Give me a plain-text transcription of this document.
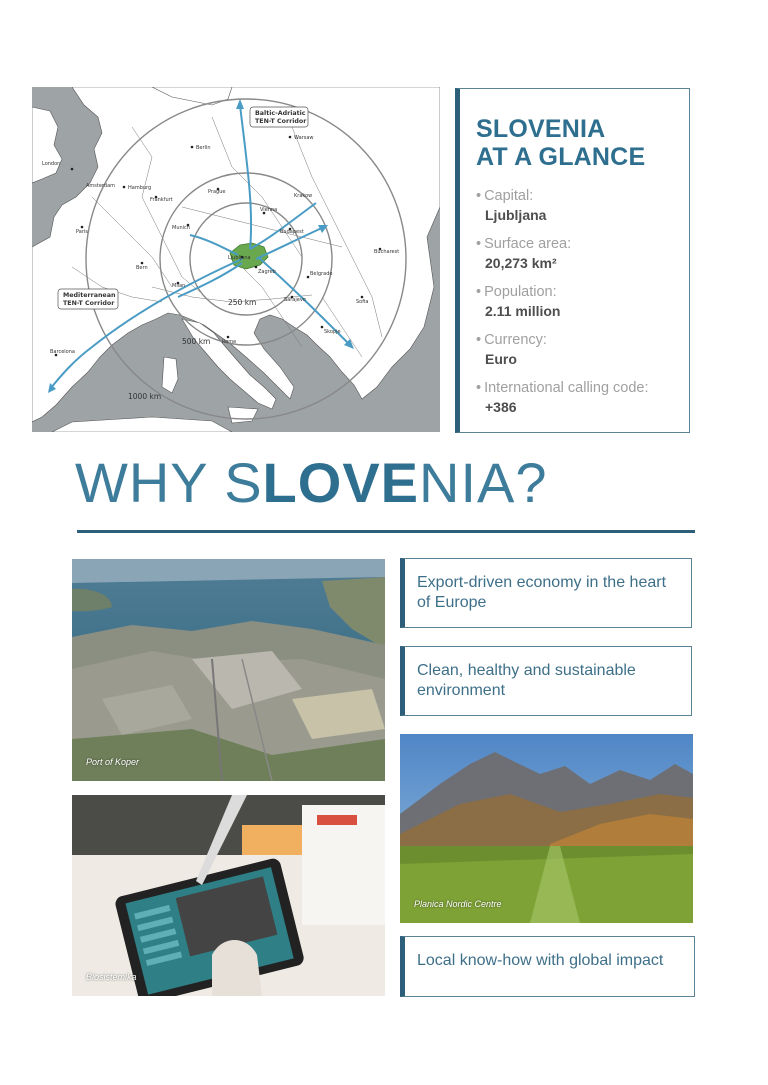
Berlin
Warsaw
Hamburg
London
Amsterdam
Frankfurt
Paris
Munich
Prague
Vienna
Budapest
Zagreb	Belgrade
Milan
Bern
Rome
Sofia
Bucharest
Barcelona
Krakow
Skopje
Sarajevo
Ljubljana
250 km
500 km
1000 km
Baltic-Adriatic
TEN-T Corridor
Mediterranean
TEN-T Corridor
SLOVENIA
AT A GLANCE
• Capital:
Ljubljana
• Surface area:
20,273 km²
• Population:
2.11 million
• Currency:
Euro
• International calling code:
+386
WHY SLOVENIA?
Port of Koper
Export-driven economy in the heart of Europe
Clean, healthy and sustainable environment
Biosistemika
Planica Nordic Centre
Local know-how with global impact
